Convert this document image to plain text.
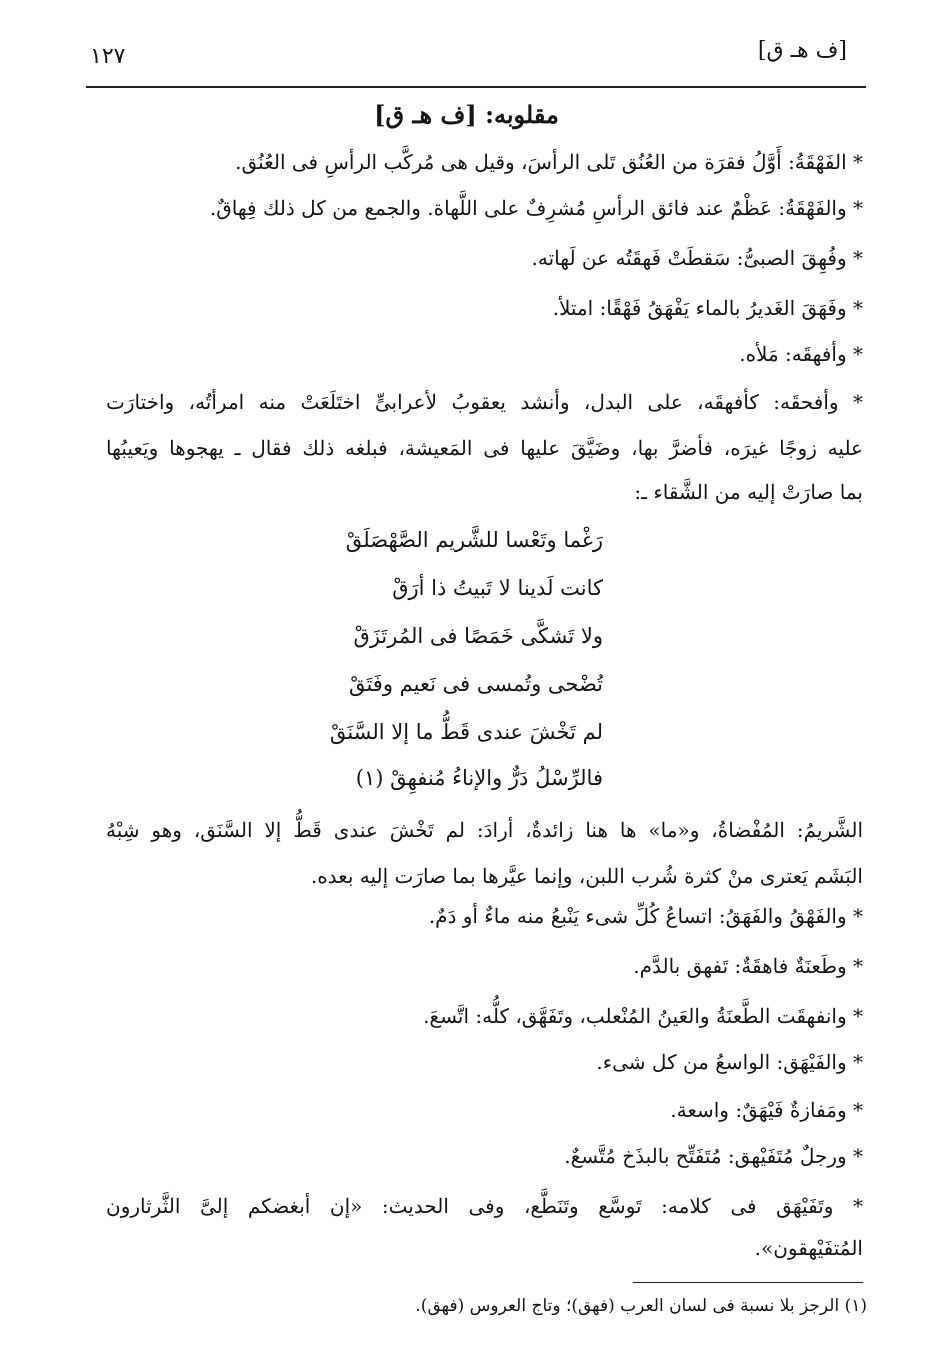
[ف هـ ق]
١٢٧
مقلوبه: [ف هـ ق]
* الفَهْقَةُ: أَوَّلُ فقرَة من العُنُق تَلى الرأسَ، وقيل هى مُركَّب الرأسِ فى العُنُق.
* والفَهْقَةُ: عَظْمٌ عند فائق الرأسِ مُشرِفٌ على اللَّهاة. والجمع من كل ذلك فِهاقٌ.
* وفُهِقَ الصبىُّ: سَقطَتْ فَهقَتُه عن لَهاته.
* وفَهَقَ الغَديرُ بالماء يَفْهَقُ فَهْقًا: امتلأ.
* وأفهقَه: مَلأه.
* وأفحقَه: كأفهقَه، على البدل، وأنشد يعقوبُ لأعرابىٍّ اختَلَعَتْ منه امرأتُه، واختارَت
عليه زوجًا غيرَه، فأضرَّ بها، وضَيَّقَ عليها فى المَعيشة، فبلغه ذلك فقال ـ يهجوها ويَعيبُها
بما صارَتْ إليه من الشَّقاء ـ:
رَغْما وتَعْسا للشَّريم الصَّهْصَلَقْ
كانت لَدينا لا تَبيتُ ذا أرَقْ
ولا تَشكَّى خَمَصًا فى المُرتَزَقْ
تُضْحى وتُمسى فى نَعيم وفَتَقْ
لم تَخْشَ عندى قَطُّ ما إلا السَّنَقْ
فالرِّسْلُ دَرٌّ والإناءُ مُنفهِقْ (١)
الشَّريمُ: المُفْضاةُ، و«ما» ها هنا زائدةٌ، أرادَ: لم تَخْشَ عندى قَطُّ إلا السَّنَق، وهو شِبْهُ
البَشَم يَعترى منْ كثرة شُرب اللبن، وإنما عيَّرها بما صارَت إليه بعده.
* والفَهْقُ والفَهَقُ: اتساعُ كُلِّ شىء يَنْبعُ منه ماءٌ أو دَمٌ.
* وطَعنَةٌ فاهقَةٌ: تَفهق بالدَّم.
* وانفهقَت الطَّعنَةُ والعَينُ المُنْعلب، وتَفَهَّق، كلُّه: اتَّسعَ.
* والفَيْهَق: الواسعُ من كل شىء.
* ومَفازةٌ فَيْهَقٌ: واسعة.
* ورجلٌ مُتَفَيْهق: مُتَفَتِّح بالبذَخ مُتَّسعٌ.
* وتَفَيْهَق فى كلامه: تَوسَّع وتَنَطَّع، وفى الحديث: «إن أبغضكم إلىَّ الثَّرثارون
المُتفَيْهقون».
(١) الرجز بلا نسبة فى لسان العرب (فهق)؛ وتاج العروس (فهق).
